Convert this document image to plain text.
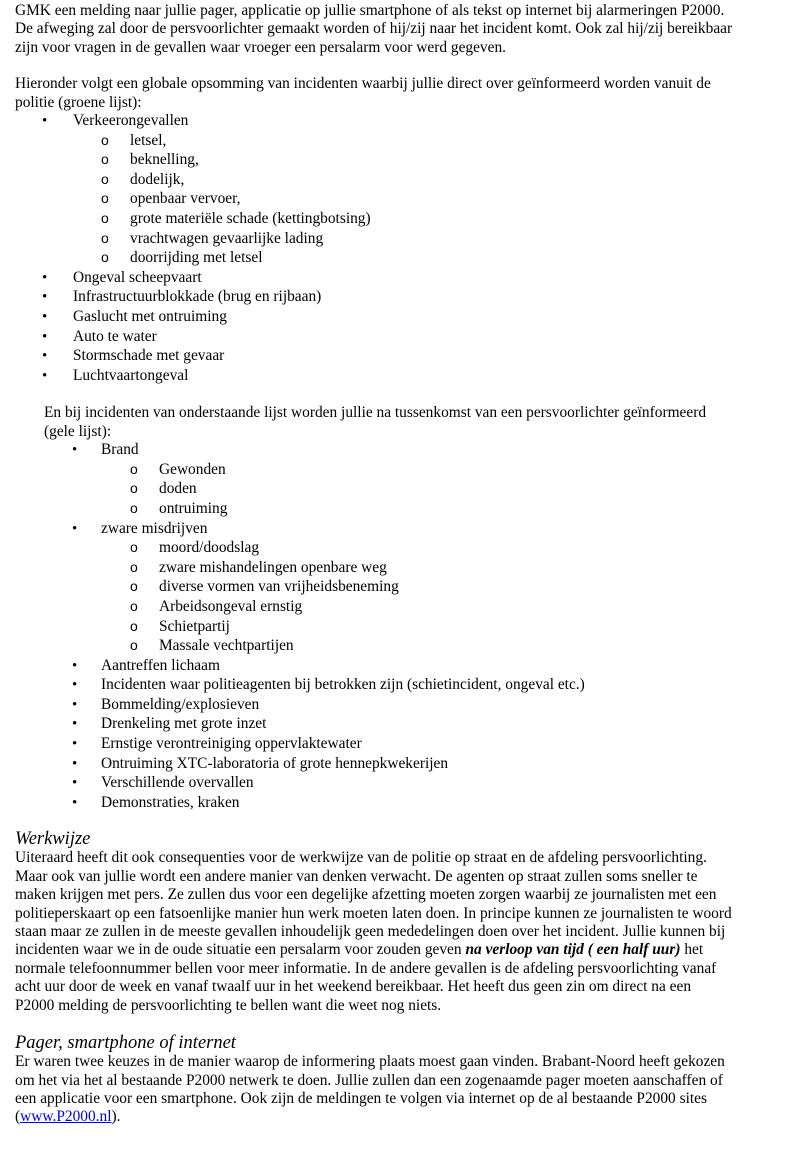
GMK een melding naar jullie pager, applicatie op jullie smartphone of als tekst op internet bij alarmeringen P2000.

De afweging zal door de persvoorlichter gemaakt worden of hij/zij naar het incident komt. Ook zal hij/zij bereikbaar

zijn voor vragen in de gevallen waar vroeger een persalarm voor werd gegeven.

Hieronder volgt een globale opsomming van incidenten waarbij jullie direct over geïnformeerd worden vanuit de

politie (groene lijst):

• Verkeerongevallen
o letsel,
o beknelling,
o dodelijk,
o openbaar vervoer,
o grote materiële schade (kettingbotsing)
o vrachtwagen gevaarlijke lading
o doorrijding met letsel
• Ongeval scheepvaart
• Infrastructuurblokkade (brug en rijbaan)
• Gaslucht met ontruiming
• Auto te water
• Stormschade met gevaar
• Luchtvaartongeval

En bij incidenten van onderstaande lijst worden jullie na tussenkomst van een persvoorlichter geïnformeerd

(gele lijst):

• Brand
o Gewonden
o doden
o ontruiming
• zware misdrijven
o moord/doodslag
o zware mishandelingen openbare weg
o diverse vormen van vrijheidsbeneming
o Arbeidsongeval ernstig
o Schietpartij
o Massale vechtpartijen
• Aantreffen lichaam
• Incidenten waar politieagenten bij betrokken zijn (schietincident, ongeval etc.)
• Bommelding/explosieven
• Drenkeling met grote inzet
• Ernstige verontreiniging oppervlaktewater
• Ontruiming XTC-laboratoria of grote hennepkwekerijen
• Verschillende overvallen
• Demonstraties, kraken
Werkwijze

Uiteraard heeft dit ook consequenties voor de werkwijze van de politie op straat en de afdeling persvoorlichting.

Maar ook van jullie wordt een andere manier van denken verwacht. De agenten op straat zullen soms sneller te

maken krijgen met pers. Ze zullen dus voor een degelijke afzetting moeten zorgen waarbij ze journalisten met een

politieperskaart op een fatsoenlijke manier hun werk moeten laten doen. In principe kunnen ze journalisten te woord

staan maar ze zullen in de meeste gevallen inhoudelijk geen mededelingen doen over het incident. Jullie kunnen bij

incidenten waar we in de oude situatie een persalarm voor zouden geven na verloop van tijd ( een half uur) het

normale telefoonnummer bellen voor meer informatie. In de andere gevallen is de afdeling persvoorlichting vanaf

acht uur door de week en vanaf twaalf uur in het weekend bereikbaar. Het heeft dus geen zin om direct na een

P2000 melding de persvoorlichting te bellen want die weet nog niets.

Pager, smartphone of internet

Er waren twee keuzes in de manier waarop de informering plaats moest gaan vinden. Brabant-Noord heeft gekozen

om het via het al bestaande P2000 netwerk te doen. Jullie zullen dan een zogenaamde pager moeten aanschaffen of

een applicatie voor een smartphone. Ook zijn de meldingen te volgen via internet op de al bestaande P2000 sites

(www.P2000.nl).
